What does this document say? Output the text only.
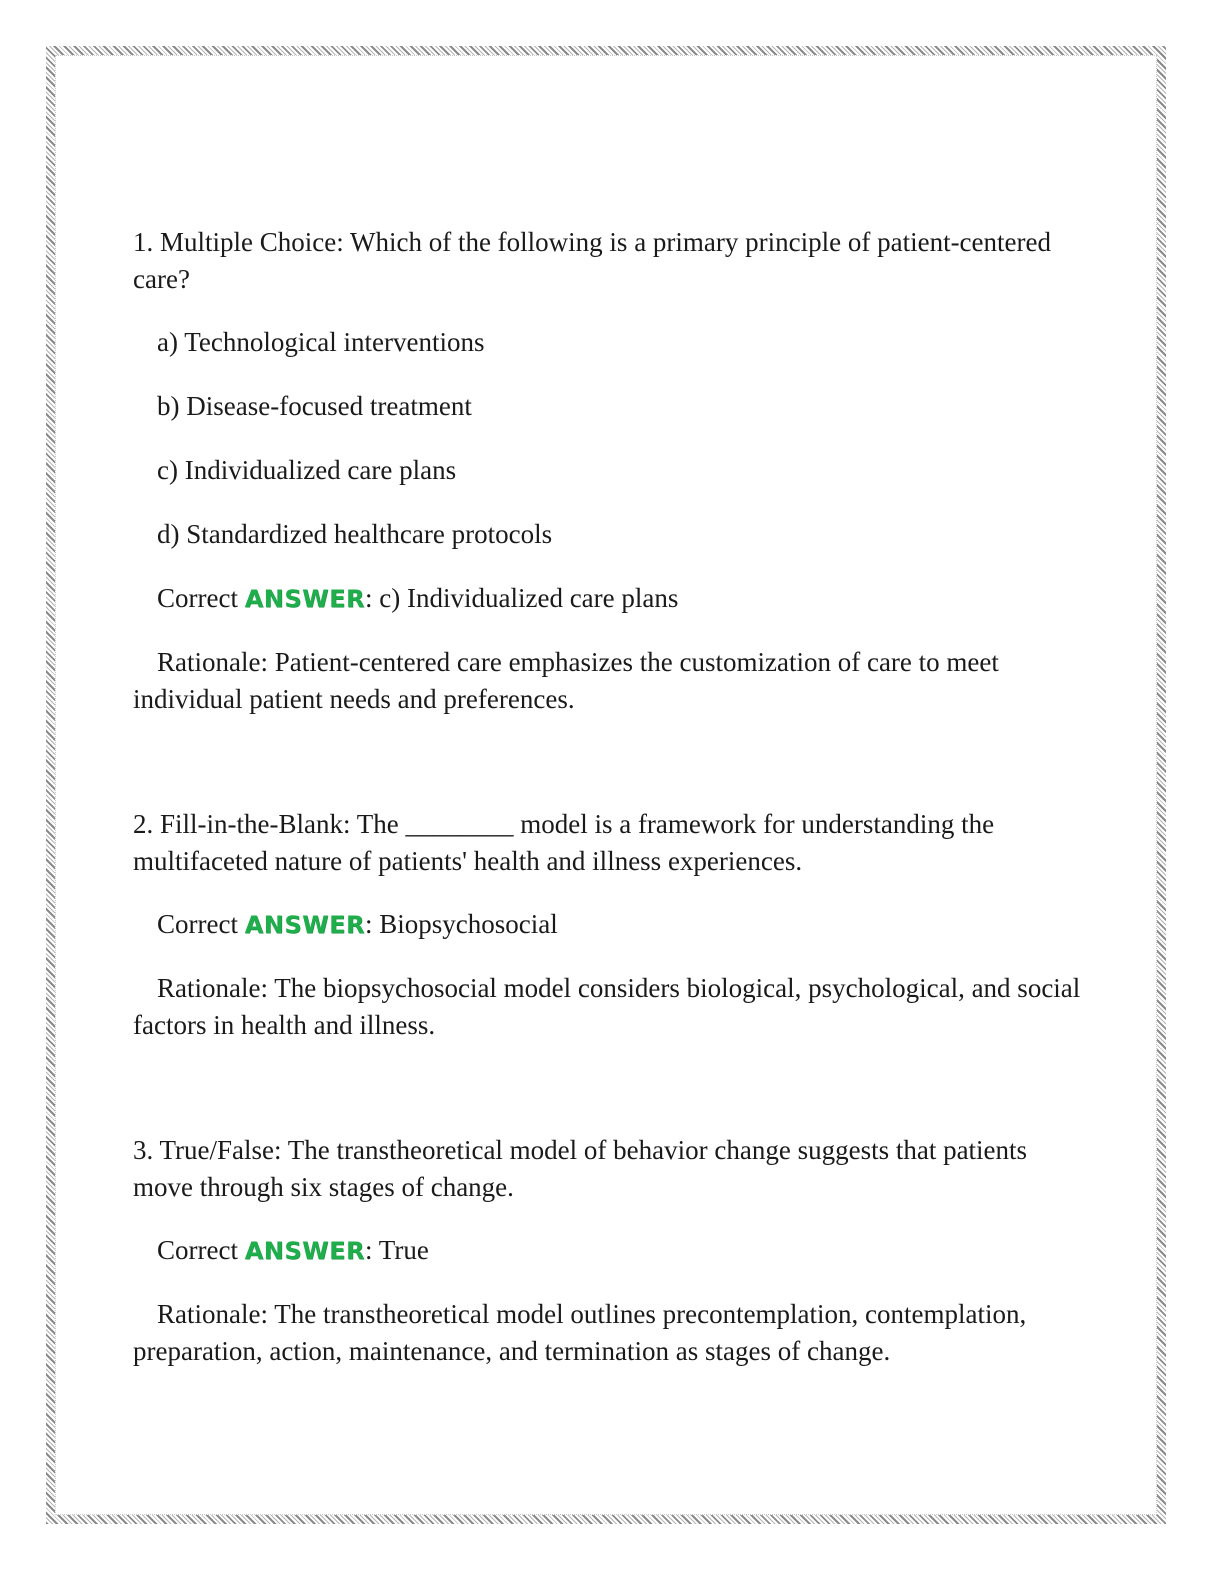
1. Multiple Choice: Which of the following is a primary principle of patient-centered care?

a) Technological interventions
b) Disease-focused treatment
c) Individualized care plans
d) Standardized healthcare protocols

Correct ANSWER: c) Individualized care plans

Rationale: Patient-centered care emphasizes the customization of care to meet individual patient needs and preferences.

2. Fill-in-the-Blank: The ________ model is a framework for understanding the multifaceted nature of patients' health and illness experiences.

Correct ANSWER: Biopsychosocial

Rationale: The biopsychosocial model considers biological, psychological, and social factors in health and illness.

3. True/False: The transtheoretical model of behavior change suggests that patients move through six stages of change.

Correct ANSWER: True

Rationale: The transtheoretical model outlines precontemplation, contemplation, preparation, action, maintenance, and termination as stages of change.
